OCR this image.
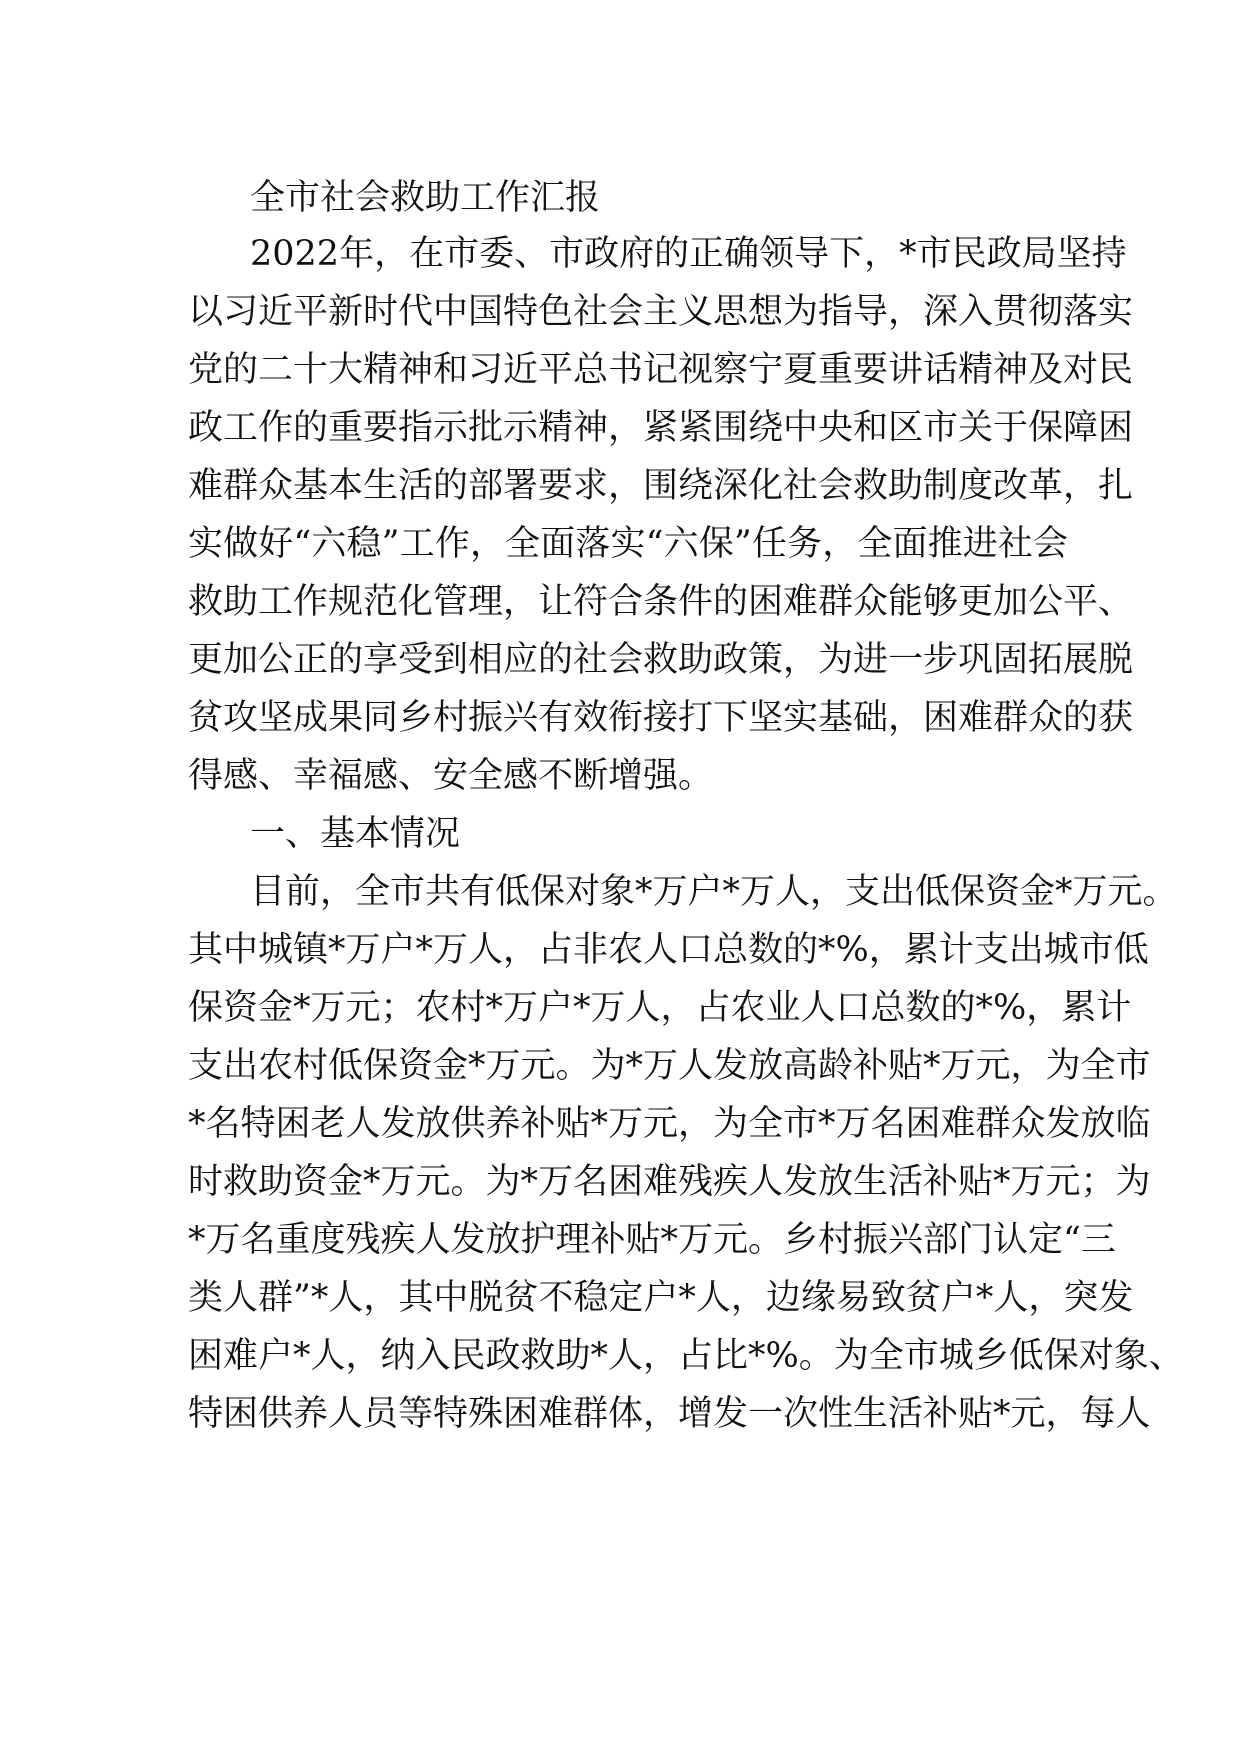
全市社会救助工作汇报

2022年，在市委、市政府的正确领导下，*市民政局坚持

以习近平新时代中国特色社会主义思想为指导，深入贯彻落实

党的二十大精神和习近平总书记视察宁夏重要讲话精神及对民

政工作的重要指示批示精神，紧紧围绕中央和区市关于保障困

难群众基本生活的部署要求，围绕深化社会救助制度改革，扎

实做好“六稳”工作，全面落实“六保”任务，全面推进社会

救助工作规范化管理，让符合条件的困难群众能够更加公平、

更加公正的享受到相应的社会救助政策，为进一步巩固拓展脱

贫攻坚成果同乡村振兴有效衔接打下坚实基础，困难群众的获

得感、幸福感、安全感不断增强。

一、基本情况

目前，全市共有低保对象*万户*万人，支出低保资金*万元。

其中城镇*万户*万人，占非农人口总数的*%，累计支出城市低

保资金*万元；农村*万户*万人，占农业人口总数的*%，累计

支出农村低保资金*万元。为*万人发放高龄补贴*万元，为全市

*名特困老人发放供养补贴*万元，为全市*万名困难群众发放临

时救助资金*万元。为*万名困难残疾人发放生活补贴*万元；为

*万名重度残疾人发放护理补贴*万元。乡村振兴部门认定“三

类人群”*人，其中脱贫不稳定户*人，边缘易致贫户*人，突发

困难户*人，纳入民政救助*人，占比*%。为全市城乡低保对象、

特困供养人员等特殊困难群体，增发一次性生活补贴*元，每人
